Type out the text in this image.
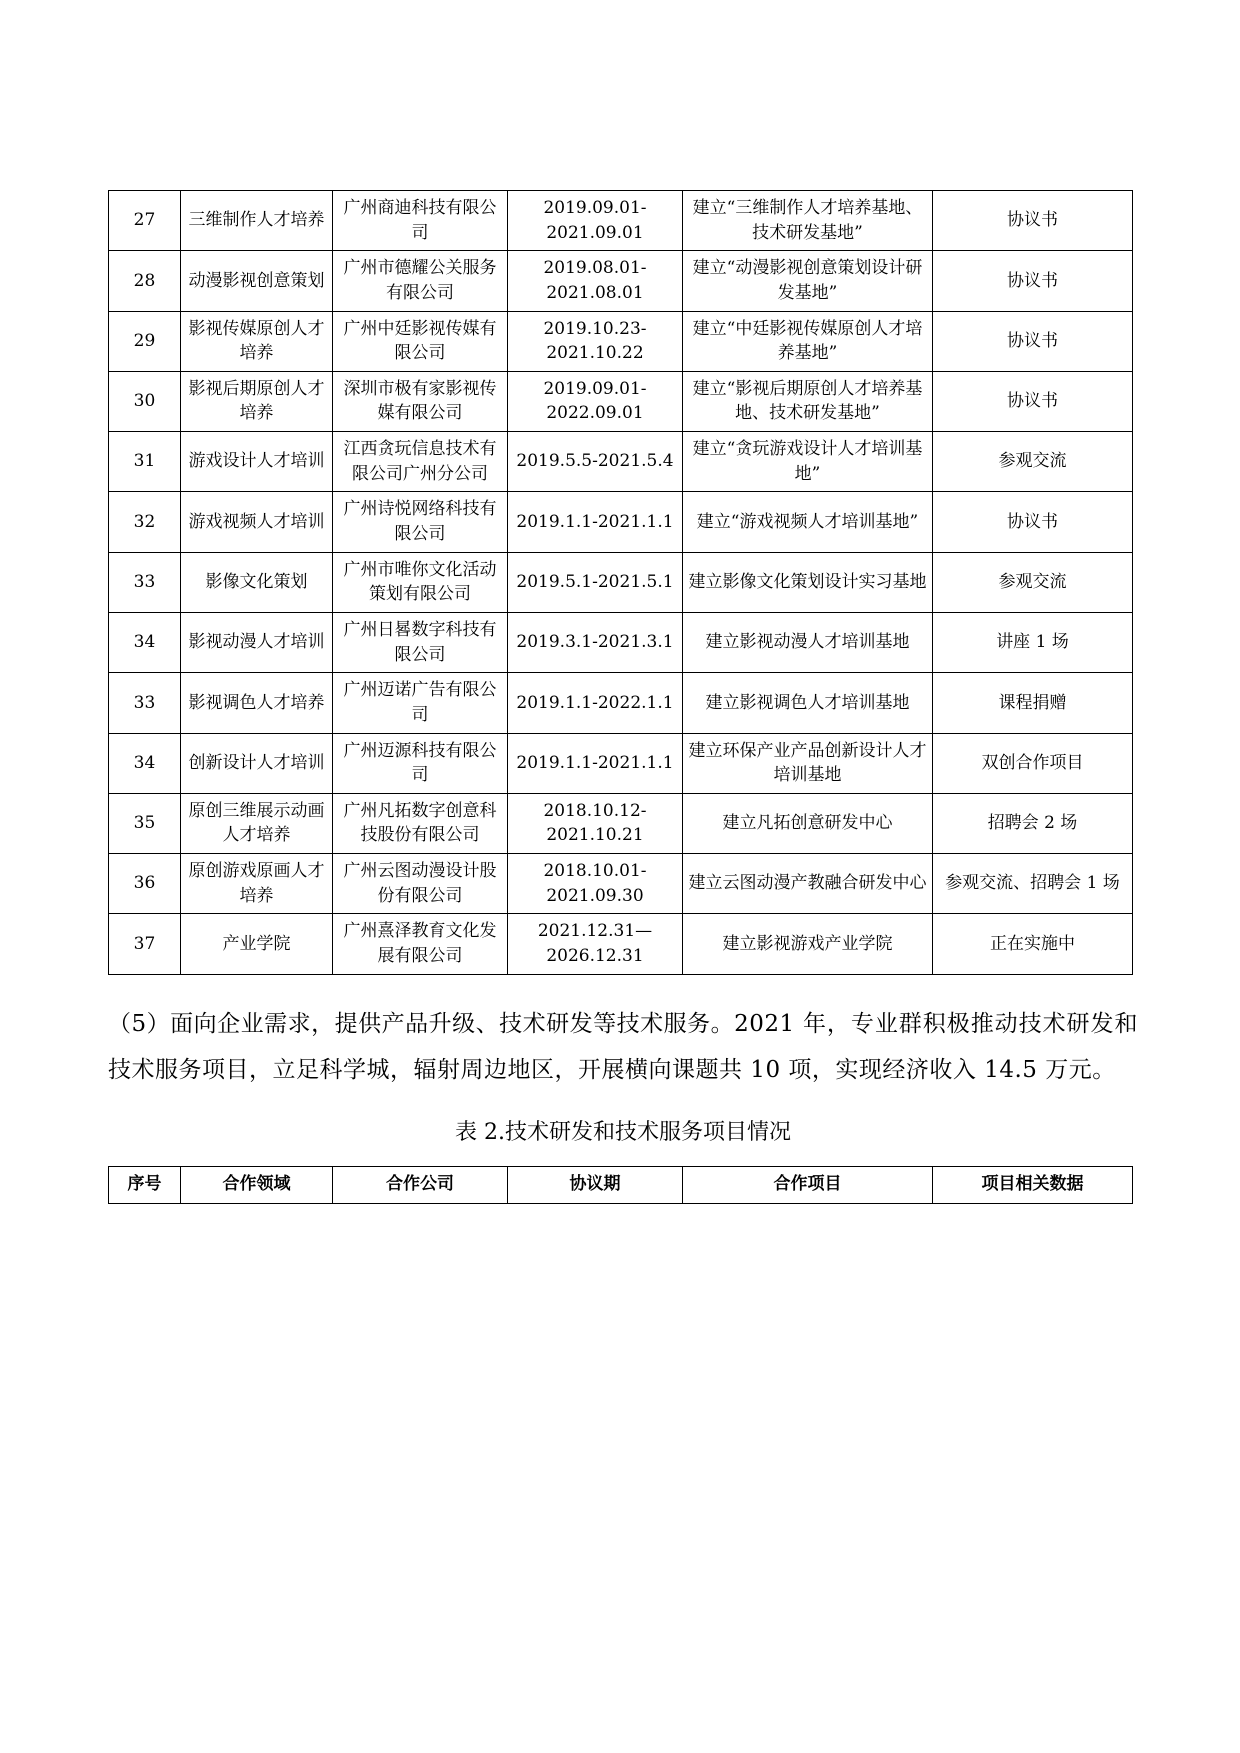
27	三维制作人才培养	广州商迪科技有限公司	2019.09.01-2021.09.01	建立“三维制作人才培养基地、技术研发基地”	协议书
28	动漫影视创意策划	广州市德耀公关服务有限公司	2019.08.01-2021.08.01	建立“动漫影视创意策划设计研发基地”	协议书
29	影视传媒原创人才培养	广州中廷影视传媒有限公司	2019.10.23-2021.10.22	建立“中廷影视传媒原创人才培养基地”	协议书
30	影视后期原创人才培养	深圳市极有家影视传媒有限公司	2019.09.01-2022.09.01	建立“影视后期原创人才培养基地、技术研发基地”	协议书
31	游戏设计人才培训	江西贪玩信息技术有限公司广州分公司	2019.5.5-2021.5.4	建立“贪玩游戏设计人才培训基地”	参观交流
32	游戏视频人才培训	广州诗悦网络科技有限公司	2019.1.1-2021.1.1	建立“游戏视频人才培训基地”	协议书
33	影像文化策划	广州市唯你文化活动策划有限公司	2019.5.1-2021.5.1	建立影像文化策划设计实习基地	参观交流
34	影视动漫人才培训	广州日晷数字科技有限公司	2019.3.1-2021.3.1	建立影视动漫人才培训基地	讲座 1 场
33	影视调色人才培养	广州迈诺广告有限公司	2019.1.1-2022.1.1	建立影视调色人才培训基地	课程捐赠
34	创新设计人才培训	广州迈源科技有限公司	2019.1.1-2021.1.1	建立环保产业产品创新设计人才培训基地	双创合作项目
35	原创三维展示动画人才培养	广州凡拓数字创意科技股份有限公司	2018.10.12-2021.10.21	建立凡拓创意研发中心	招聘会 2 场
36	原创游戏原画人才培养	广州云图动漫设计股份有限公司	2018.10.01-2021.09.30	建立云图动漫产教融合研发中心	参观交流、招聘会 1 场
37	产业学院	广州熹泽教育文化发展有限公司	2021.12.31—2026.12.31	建立影视游戏产业学院	正在实施中
（5）面向企业需求，提供产品升级、技术研发等技术服务。2021 年，专业群积极推动技术研发和技术服务项目，立足科学城，辐射周边地区，开展横向课题共 10 项，实现经济收入 14.5 万元。
表 2.技术研发和技术服务项目情况
序号	合作领域	合作公司	协议期	合作项目	项目相关数据
